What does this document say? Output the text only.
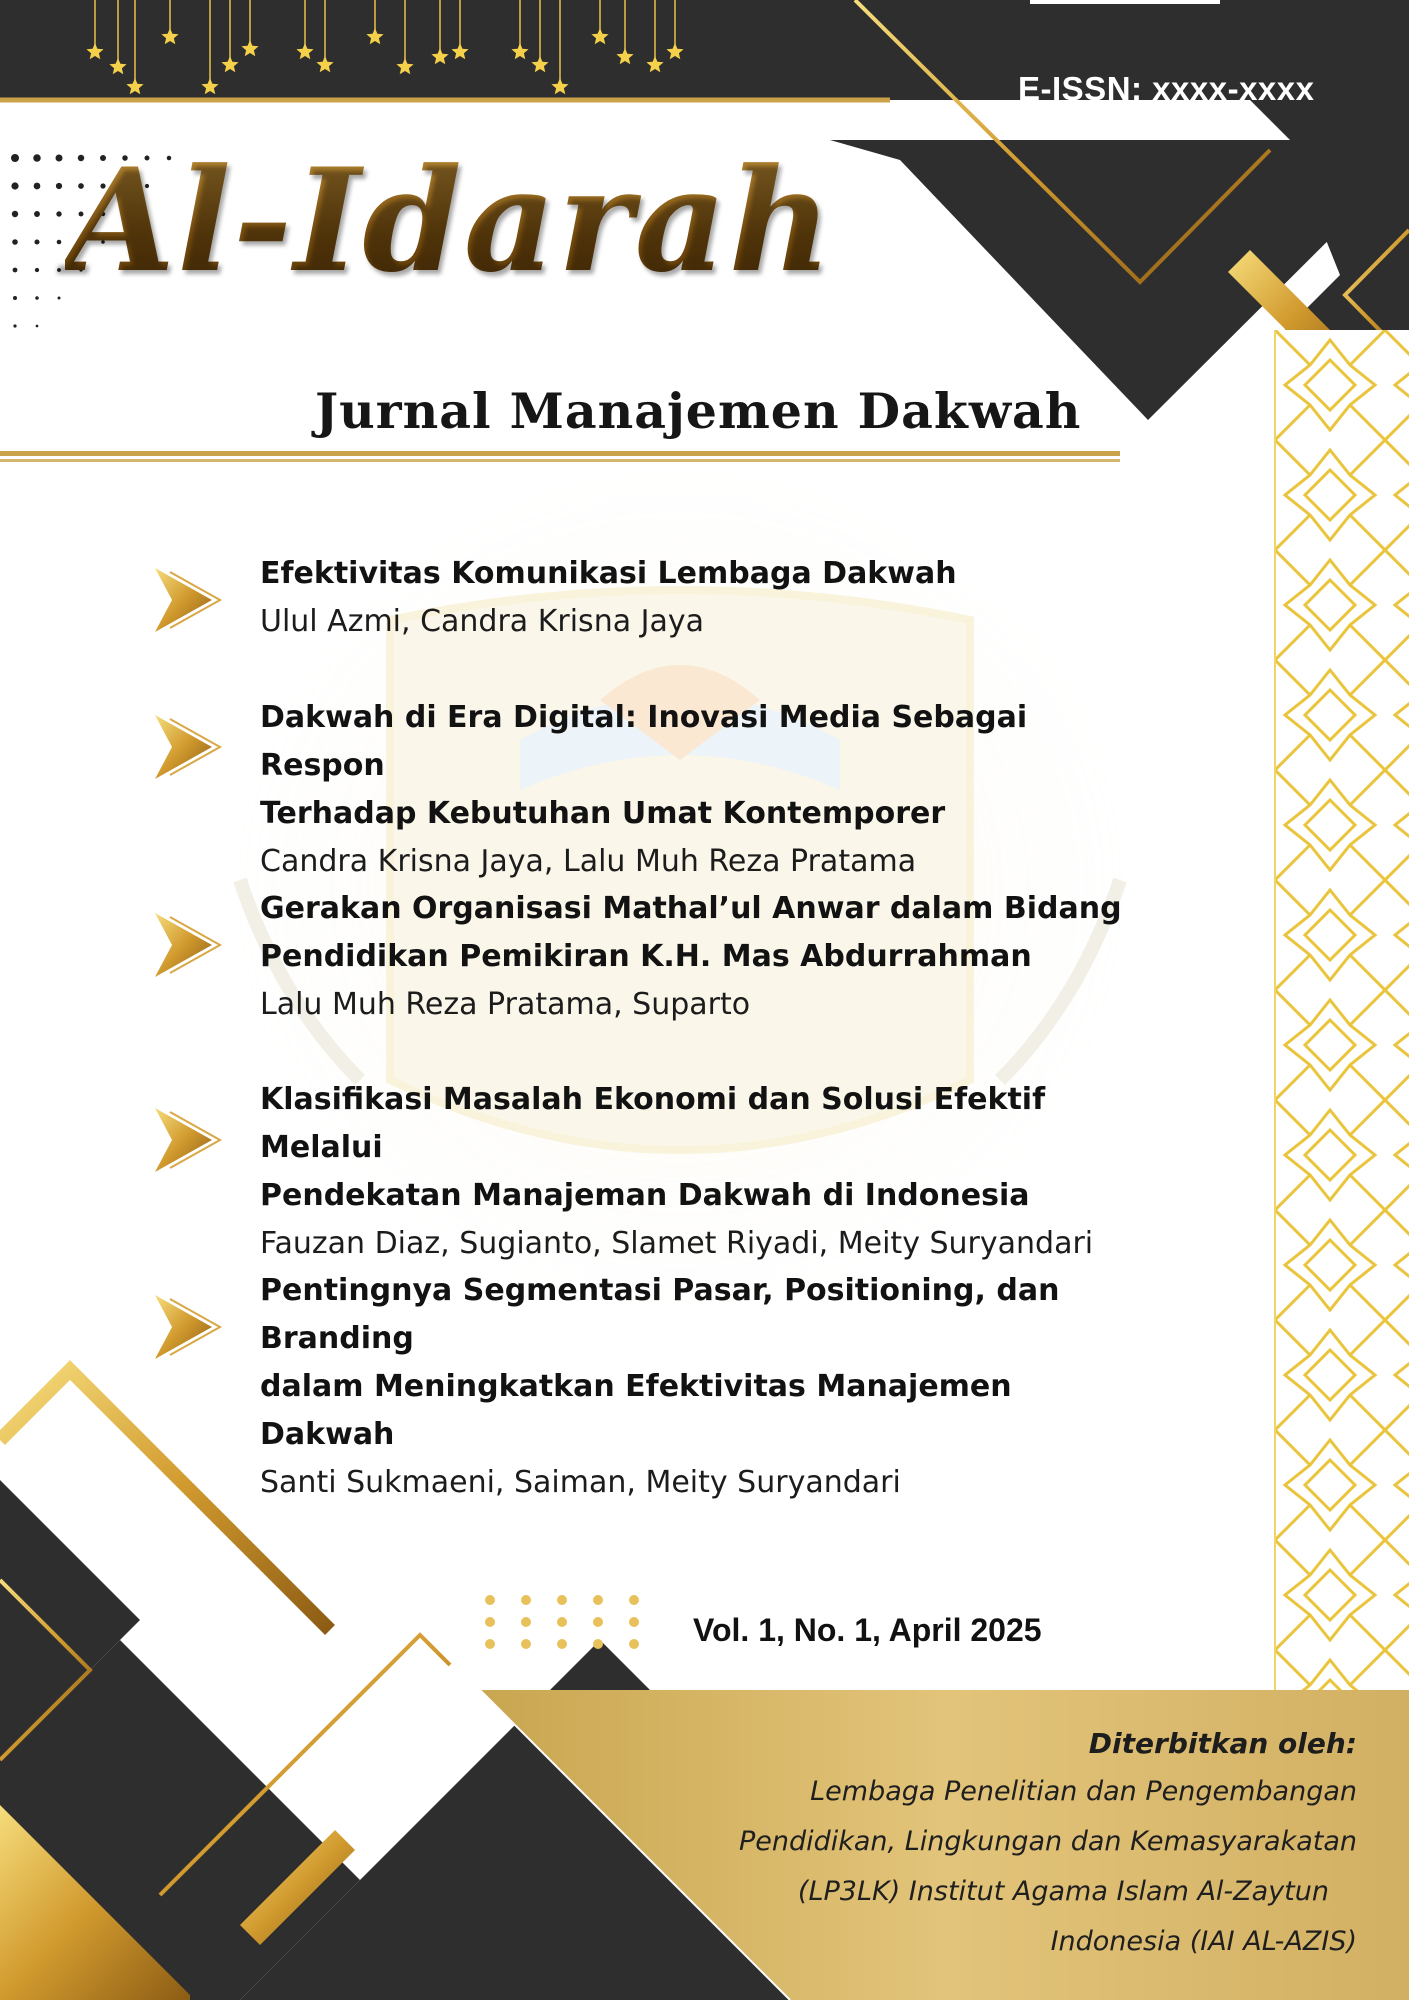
E-ISSN: xxxx-xxxx
Al-Idarah
Jurnal Manajemen Dakwah
Efektivitas Komunikasi Lembaga Dakwah
Ulul Azmi, Candra Krisna Jaya
Dakwah di Era Digital: Inovasi Media Sebagai Respon
Terhadap Kebutuhan Umat Kontemporer
Candra Krisna Jaya, Lalu Muh Reza Pratama
Gerakan Organisasi Mathal’ul Anwar dalam Bidang
Pendidikan Pemikiran K.H. Mas Abdurrahman
Lalu Muh Reza Pratama, Suparto
Klasifikasi Masalah Ekonomi dan Solusi Efektif Melalui
Pendekatan Manajeman Dakwah di Indonesia
Fauzan Diaz, Sugianto, Slamet Riyadi, Meity Suryandari
Pentingnya Segmentasi Pasar, Positioning, dan Branding
dalam Meningkatkan Efektivitas Manajemen Dakwah
Santi Sukmaeni, Saiman, Meity Suryandari
Vol. 1, No. 1, April 2025
Diterbitkan oleh:
Lembaga Penelitian dan Pengembangan
Pendidikan, Lingkungan dan Kemasyarakatan
(LP3LK) Institut Agama Islam Al-Zaytun
Indonesia (IAI AL-AZIS)
